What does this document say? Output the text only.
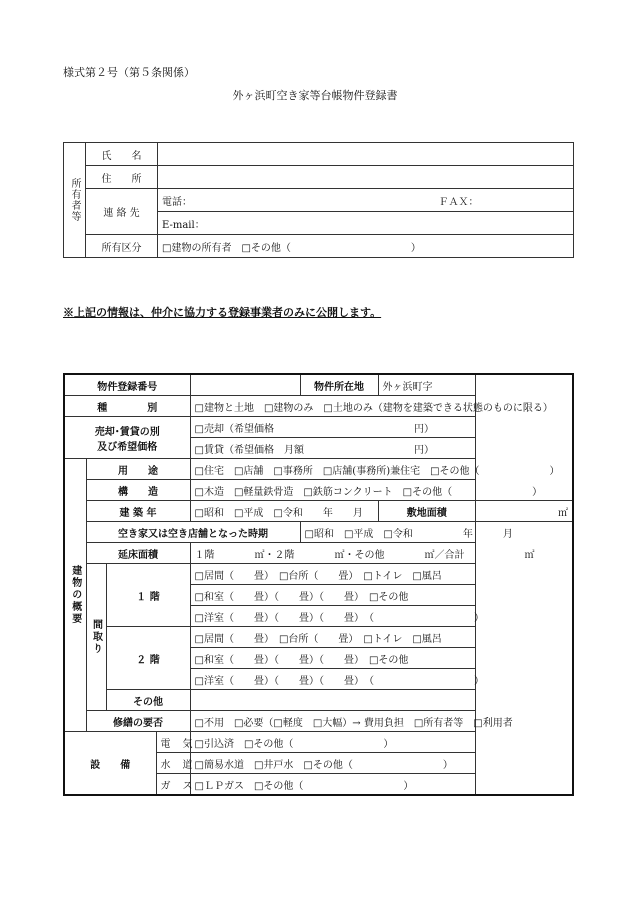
様式第２号（第５条関係）
外ヶ浜町空き家等台帳物件登録書
所有者等	氏　　名	
	住　　所	
	連 絡 先	電話： ＦＡＸ：

		E-mail：
	所有区分	□建物の所有者　□その他（　　　　　　　　　　　　）
※上記の情報は、仲介に協力する登録事業者のみに公開します。
物件登録番号					物件所在地	外ヶ浜町字	
種　　　　別				□建物と土地　□建物のみ　□土地のみ（建物を建築できる状態のものに限る）			

売却･賃貸の別
及び希望価格				□売却（希望価格　　　　　　　　　　　　　　円）			
				□賃貸（希望価格　月額　　　　　　　　　　　円）			
建物の概要	用　　途			□住宅　□店舗　□事務所　□店舗(事務所)兼住宅　□その他（　　　　　　　）			
	構　　造			□木造　□軽量鉄骨造　□鉄筋コンクリート　□その他（　　　　　　　　）			
	建 築 年			□昭和　□平成　□令和　　年　　月		敷地面積	㎡
	空き家又は空き店舗となった時期				□昭和　□平成　□令和　　　　　年　　　月		
	延床面積			１階　　　　㎡・２階　　　　㎡・その他　　　　㎡／合計　　　　　　㎡			
	間取り	１ 階		□居間（　　畳）　□台所（　　畳）　□トイレ　□風呂			
				□和室（　　畳）（　　畳）（　　畳）　□その他			
				□洋室（　　畳）（　　畳）（　　畳）　（　　　　　　　　　　）			
		２ 階		□居間（　　畳）　□台所（　　畳）　□トイレ　□風呂			
				□和室（　　畳）（　　畳）（　　畳）　□その他			
				□洋室（　　畳）（　　畳）（　　畳）　（　　　　　　　　　　）			
		その他					
	修繕の要否			□不用　□必要（□軽度　□大幅）→ 費用負担　□所有者等　□利用者			
設　　備			電　気	□引込済　□その他（　　　　　　　　　）			
			水　道	□簡易水道　□井戸水　□その他（　　　　　　　　　）			
			ガ　ス	□ＬＰガス　□その他（　　　　　　　　　　）			
